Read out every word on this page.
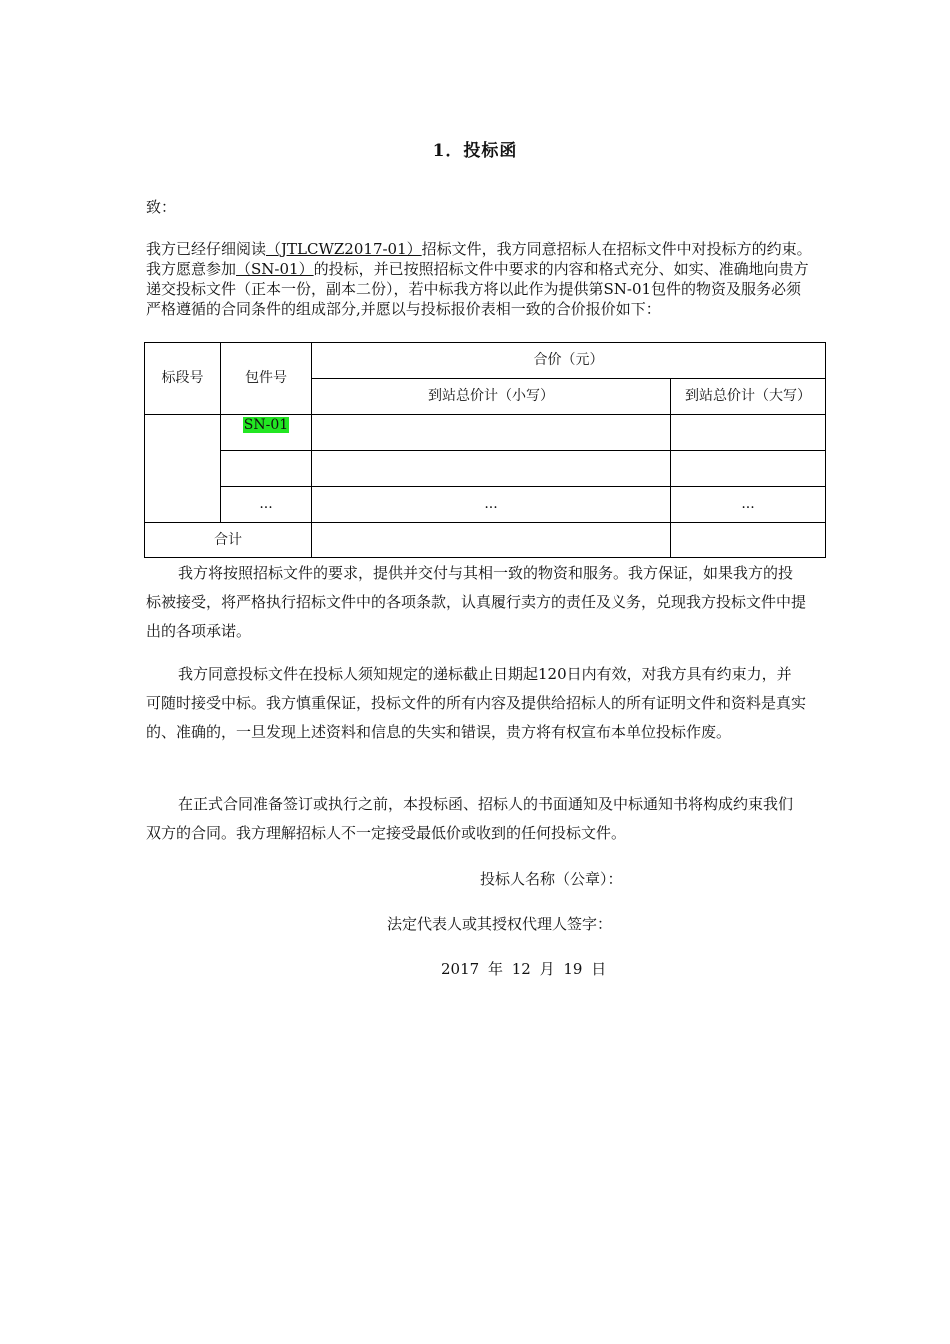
1．投标函
致：
我方已经仔细阅读（JTLCWZ2017-01）招标文件，我方同意招标人在招标文件中对投标方的约束。我方愿意参加（SN-01）的投标，并已按照招标文件中要求的内容和格式充分、如实、准确地向贵方递交投标文件（正本一份，副本二份），若中标我方将以此作为提供第SN-01包件的物资及服务必须严格遵循的合同条件的组成部分,并愿以与投标报价表相一致的合价报价如下：
标段号	包件号	合价（元）	
		到站总价计（小写）	到站总价计（大写）
	SN-01		

	...	...	...
合计			
我方将按照招标文件的要求，提供并交付与其相一致的物资和服务。我方保证，如果我方的投标被接受，将严格执行招标文件中的各项条款，认真履行卖方的责任及义务，兑现我方投标文件中提出的各项承诺。
我方同意投标文件在投标人须知规定的递标截止日期起120日内有效，对我方具有约束力，并可随时接受中标。我方慎重保证，投标文件的所有内容及提供给招标人的所有证明文件和资料是真实的、准确的，一旦发现上述资料和信息的失实和错误，贵方将有权宣布本单位投标作废。
在正式合同准备签订或执行之前，本投标函、招标人的书面通知及中标通知书将构成约束我们双方的合同。我方理解招标人不一定接受最低价或收到的任何投标文件。
投标人名称（公章）：
法定代表人或其授权代理人签字：
2017 年 12 月 19 日
